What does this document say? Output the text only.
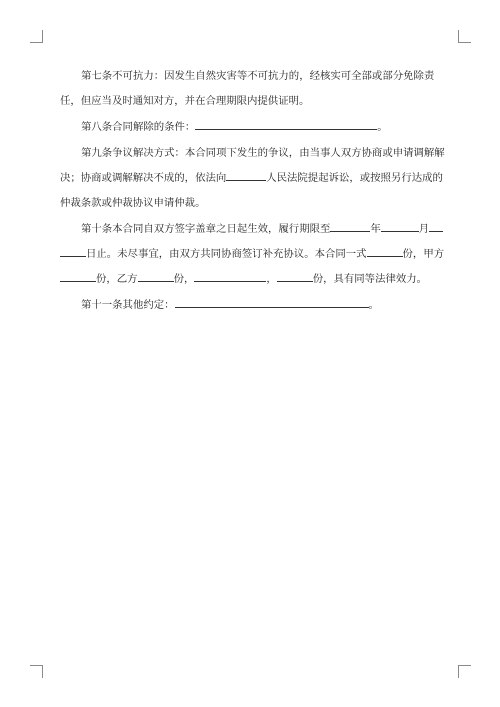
第七条不可抗力：因发生自然灾害等不可抗力的，经核实可全部或部分免除责任，但应当及时通知对方，并在合理期限内提供证明。

第八条合同解除的条件：	。

第九条争议解决方式：本合同项下发生的争议，由当事人双方协商或申请调解解决；协商或调解解决不成的，依法向	人民法院提起诉讼，或按照另行达成的仲裁条款或仲裁协议申请仲裁。

第十条本合同自双方签字盖章之日起生效，履行期限至	年	月日止。未尽事宜，由双方共同协商签订补充协议。本合同一式	份，甲方份，乙方	份，	，	份，具有同等法律效力。

第十一条其他约定：	。
